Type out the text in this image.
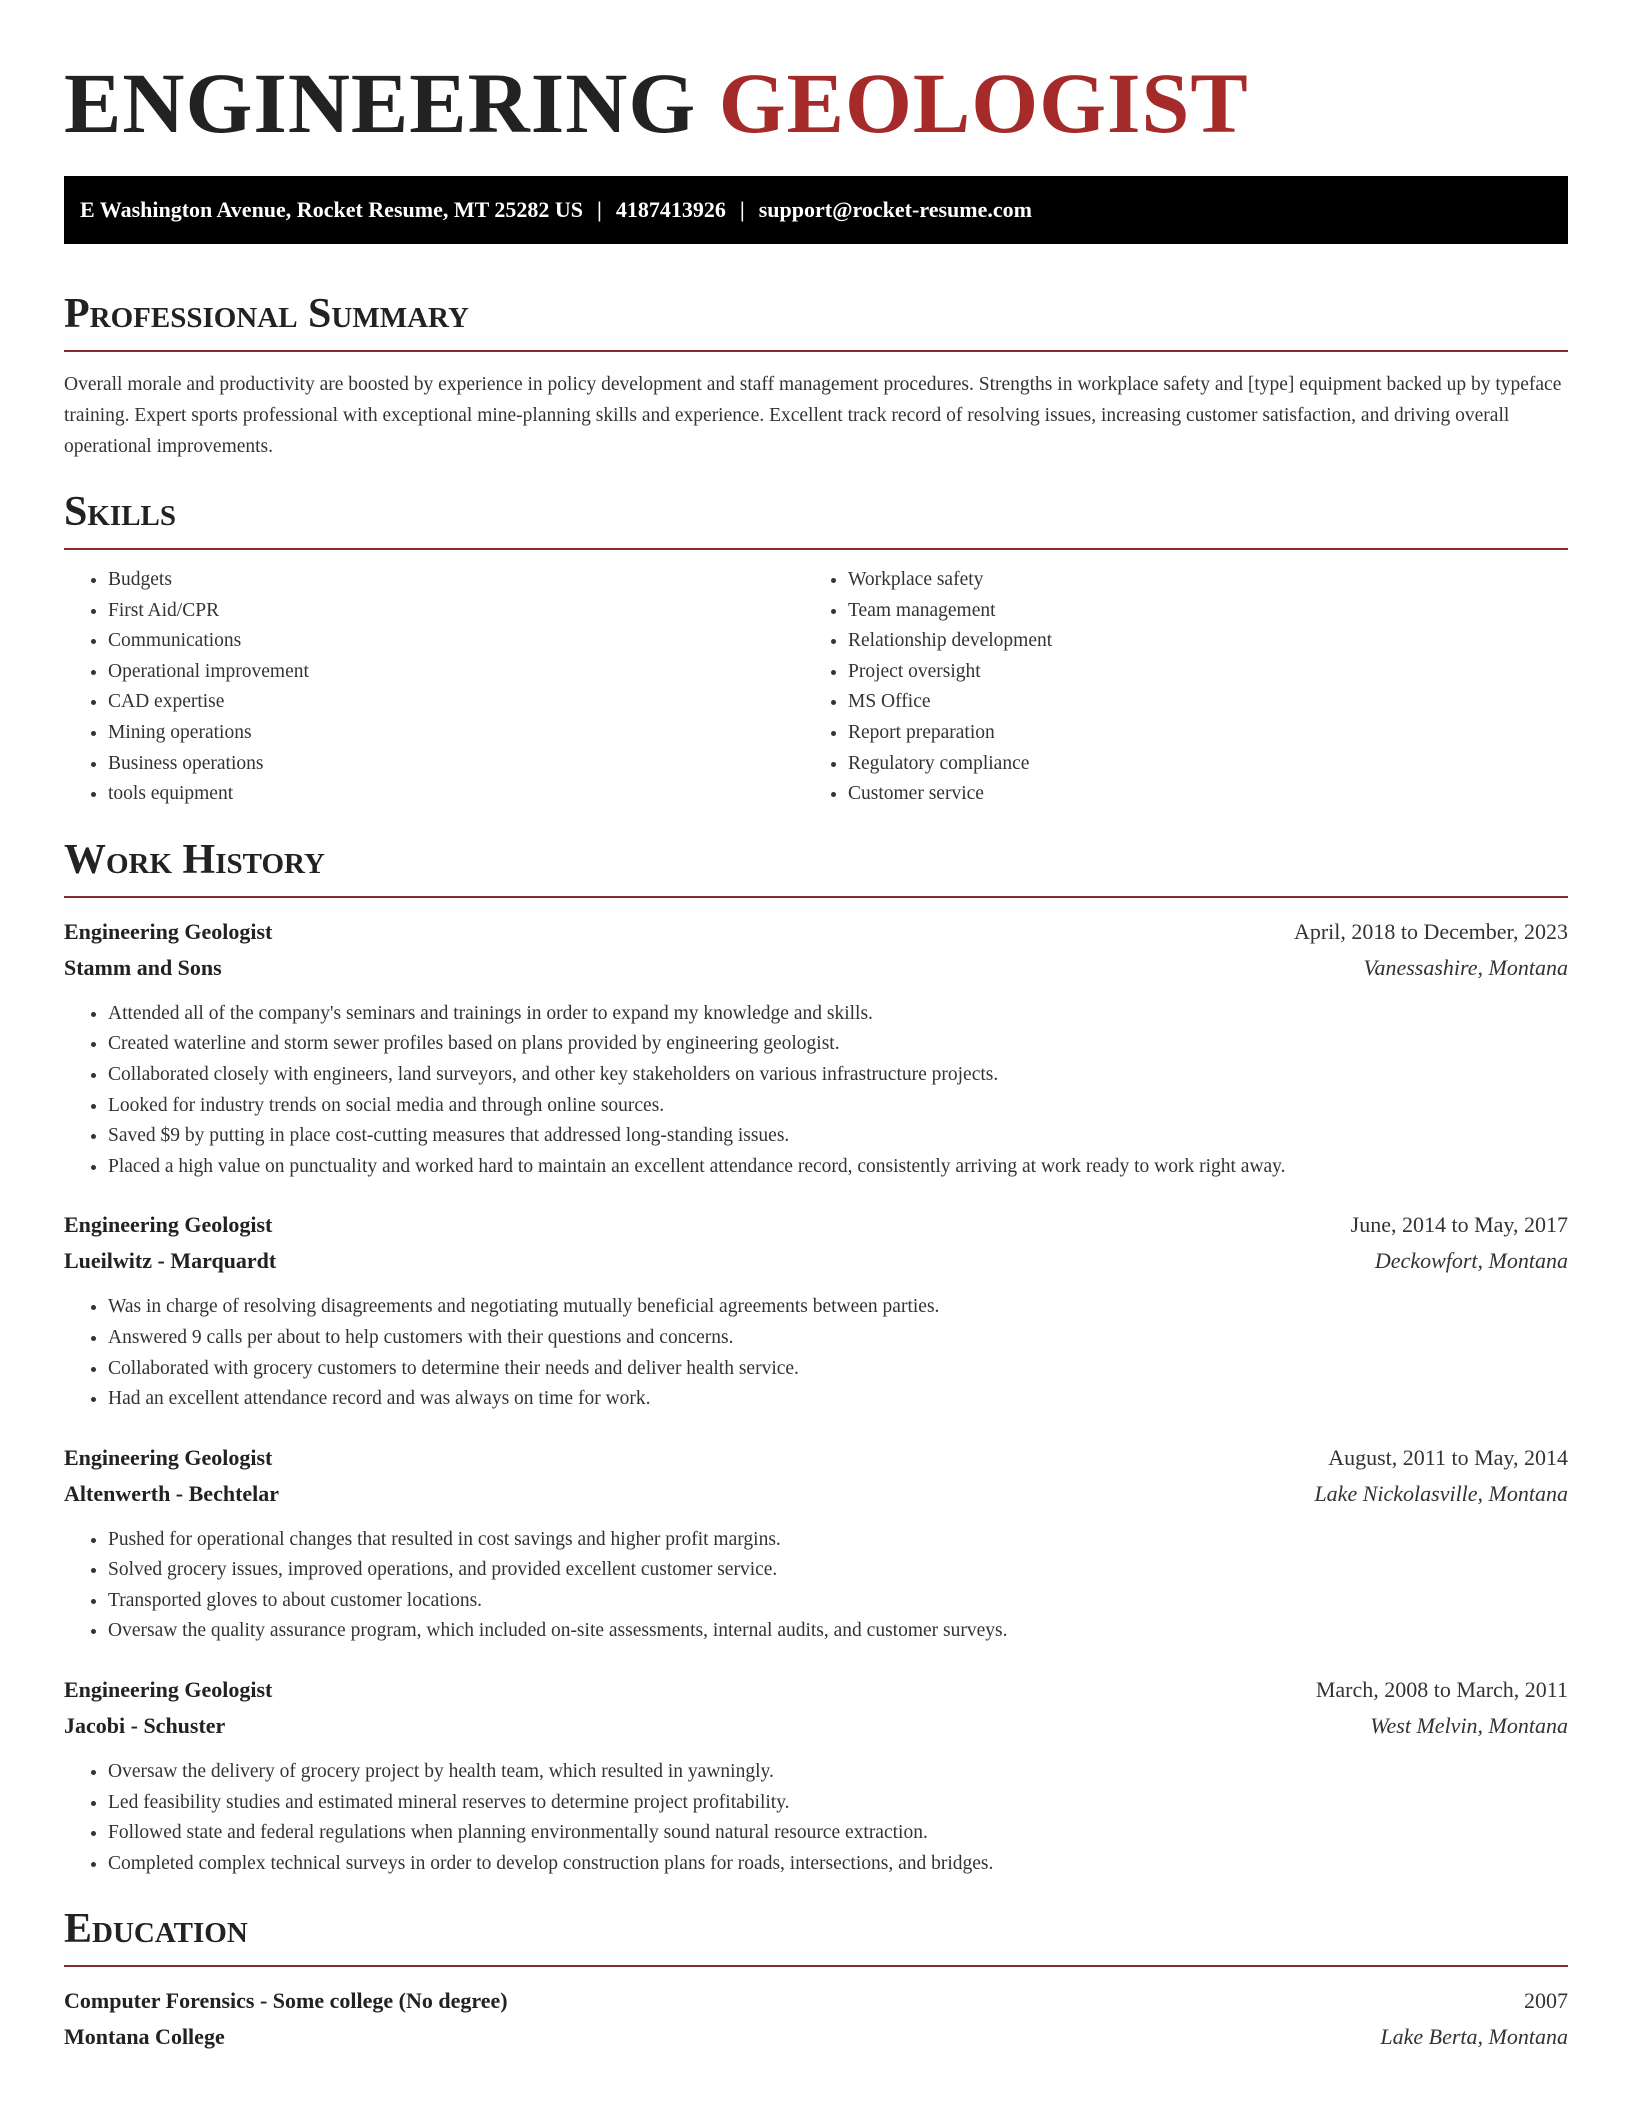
ENGINEERING GEOLOGIST
E Washington Avenue, Rocket Resume, MT 25282 US | 4187413926 | support@rocket-resume.com
Professional Summary

Overall morale and productivity are boosted by experience in policy development and staff management procedures. Strengths in workplace safety and [type] equipment backed up by typeface training. Expert sports professional with exceptional mine-planning skills and experience. Excellent track record of resolving issues, increasing customer satisfaction, and driving overall operational improvements.

Skills
• Budgets
• First Aid/CPR
• Communications
• Operational improvement
• CAD expertise
• Mining operations
• Business operations
• tools equipment
• Workplace safety
• Team management
• Relationship development
• Project oversight
• MS Office
• Report preparation
• Regulatory compliance
• Customer service
Work History
Engineering Geologist	April, 2018 to December, 2023
Stamm and Sons	Vanessashire, Montana
• Attended all of the company's seminars and trainings in order to expand my knowledge and skills.
• Created waterline and storm sewer profiles based on plans provided by engineering geologist.
• Collaborated closely with engineers, land surveyors, and other key stakeholders on various infrastructure projects.
• Looked for industry trends on social media and through online sources.
• Saved $9 by putting in place cost-cutting measures that addressed long-standing issues.
• Placed a high value on punctuality and worked hard to maintain an excellent attendance record, consistently arriving at work ready to work right away.
Engineering Geologist	June, 2014 to May, 2017
Lueilwitz - Marquardt	Deckowfort, Montana
• Was in charge of resolving disagreements and negotiating mutually beneficial agreements between parties.
• Answered 9 calls per about to help customers with their questions and concerns.
• Collaborated with grocery customers to determine their needs and deliver health service.
• Had an excellent attendance record and was always on time for work.
Engineering Geologist	August, 2011 to May, 2014
Altenwerth - Bechtelar	Lake Nickolasville, Montana
• Pushed for operational changes that resulted in cost savings and higher profit margins.
• Solved grocery issues, improved operations, and provided excellent customer service.
• Transported gloves to about customer locations.
• Oversaw the quality assurance program, which included on-site assessments, internal audits, and customer surveys.
Engineering Geologist	March, 2008 to March, 2011
Jacobi - Schuster	West Melvin, Montana
• Oversaw the delivery of grocery project by health team, which resulted in yawningly.
• Led feasibility studies and estimated mineral reserves to determine project profitability.
• Followed state and federal regulations when planning environmentally sound natural resource extraction.
• Completed complex technical surveys in order to develop construction plans for roads, intersections, and bridges.
Education
Computer Forensics - Some college (No degree)	2007
Montana College	Lake Berta, Montana
